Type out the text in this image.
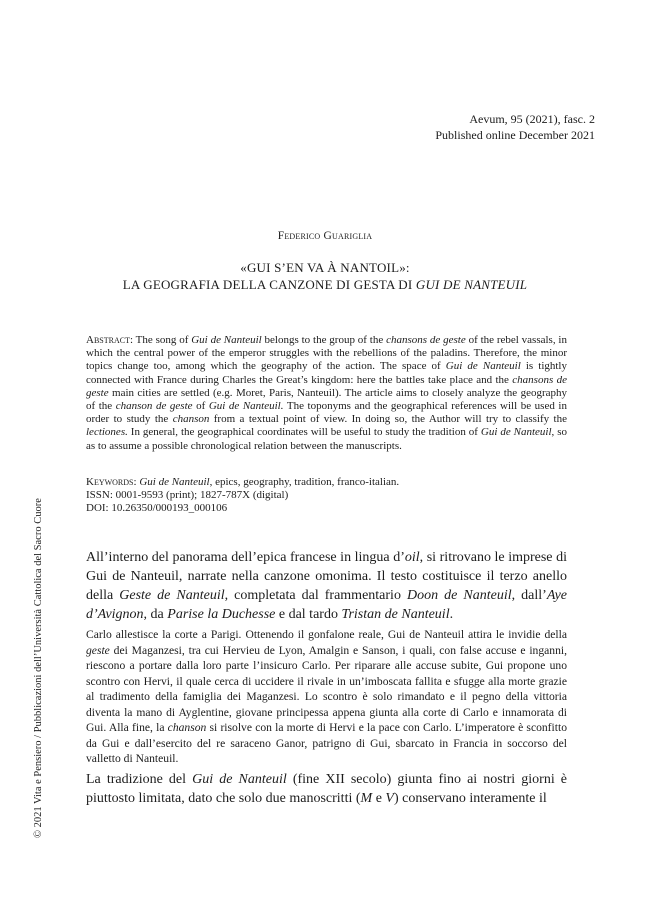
Aevum, 95 (2021), fasc. 2
Published online December 2021
Federico Guariglia
«GUI S’EN VA À NANTOIL»:
LA GEOGRAFIA DELLA CANZONE DI GESTA DI GUI DE NANTEUIL
Abstract: The song of Gui de Nanteuil belongs to the group of the chansons de geste of the rebel vassals, in which the central power of the emperor struggles with the rebellions of the paladins. Therefore, the minor topics change too, among which the geography of the action. The space of Gui de Nanteuil is tightly connected with France during Charles the Great’s kingdom: here the battles take place and the chansons de geste main cities are settled (e.g. Moret, Paris, Nanteuil). The article aims to closely analyze the geography of the chanson de geste of Gui de Nanteuil. The toponyms and the geographical references will be used in order to study the chanson from a textual point of view. In doing so, the Author will try to classify the lectiones. In general, the geographical coordinates will be useful to study the tradition of Gui de Nanteuil, so as to assume a possible chronological relation between the manuscripts.
Keywords: Gui de Nanteuil, epics, geography, tradition, franco-italian.
ISSN: 0001-9593 (print); 1827-787X (digital)
DOI: 10.26350/000193_000106
All’interno del panorama dell’epica francese in lingua d’oil, si ritrovano le imprese di Gui de Nanteuil, narrate nella canzone omonima. Il testo costituisce il terzo anello della Geste de Nanteuil, completata dal frammentario Doon de Nanteuil, dall’Aye d’Avignon, da Parise la Duchesse e dal tardo Tristan de Nanteuil.
Carlo allestisce la corte a Parigi. Ottenendo il gonfalone reale, Gui de Nanteuil attira le invidie della geste dei Maganzesi, tra cui Hervieu de Lyon, Amalgin e Sanson, i quali, con false accuse e inganni, riescono a portare dalla loro parte l’insicuro Carlo. Per riparare alle accuse subite, Gui propone uno scontro con Hervi, il quale cerca di uccidere il rivale in un’imboscata fallita e sfugge alla morte grazie al tradimento della famiglia dei Maganzesi. Lo scontro è solo rimandato e il pegno della vittoria diventa la mano di Ayglentine, giovane principessa appena giunta alla corte di Carlo e innamorata di Gui. Alla fine, la chanson si risolve con la morte di Hervi e la pace con Carlo. L’imperatore è sconfitto da Gui e dall’esercito del re saraceno Ganor, patrigno di Gui, sbarcato in Francia in soccorso del valletto di Nanteuil.
La tradizione del Gui de Nanteuil (fine XII secolo) giunta fino ai nostri giorni è piuttosto limitata, dato che solo due manoscritti (M e V) conservano interamente il
© 2021 Vita e Pensiero / Pubblicazioni dell’Università Cattolica del Sacro Cuore
